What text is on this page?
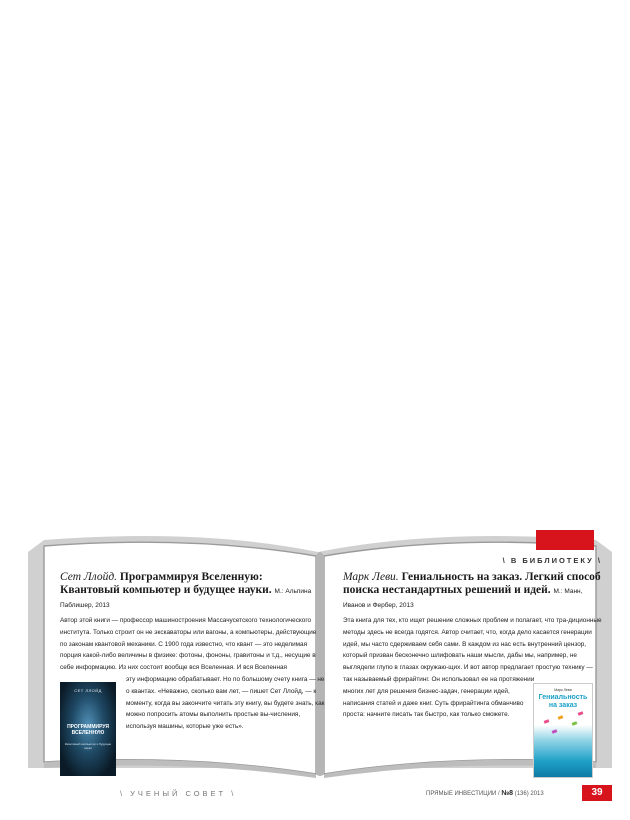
\ В БИБЛИОТЕКУ \

Сет Ллойд. Программируя Вселенную: Квантовый компьютер и будущее науки. М.: Альпина Паблишер, 2013

Автор этой книги — профессор машиностроения Массачусетского технологического института. Только строит он не экскаваторы или вагоны, а компьютеры, действующие по законам квантовой механики. С 1900 года известно, что квант — это неделимая порция какой-либо величины в физике: фотоны, фононы, гравитоны и т.д., несущие в себе информацию. Из них состоит вообще вся Вселенная. И вся Вселенная

эту информацию обрабатывает. Но по большому счету книга — не о квантах. «Неважно, сколько вам лет, — пишет Сет Ллойд, — к моменту, когда вы закончите читать эту книгу, вы будете знать, как можно попросить атомы выполнить простые вы-числения, используя машины, которые уже есть».

СЕТ ЛЛОЙД
ПРОГРАММИРУЯ ВСЕЛЕННУЮ
Квантовый компьютер и будущее науки

Марк Леви. Гениальность на заказ. Легкий способ поиска нестандартных решений и идей. М.: Манн, Иванов и Фербер, 2013

Эта книга для тех, кто ищет решение сложных проблем и полагает, что тра-диционные методы здесь не всегда годятся. Автор считает, что, когда дело касается генерации идей, мы часто сдерживаем себя сами. В каждом из нас есть внутренний цензор, который призван бесконечно шлифовать наши мысли, дабы мы, например, не выглядели глупо в глазах окружаю-щих. И вот автор предлагает простую технику —

так называемый фрирайтинг. Он использовал ее на протяжении многих лет для решения бизнес-задач, генерации идей, написания статей и даже книг. Суть фрирайтинга обманчиво проста: начните писать так быстро, как только сможете.

Марк Леви
Гениальность на заказ
\ УЧЕНЫЙ СОВЕТ \	ПРЯМЫЕ ИНВЕСТИЦИИ / №8 (136) 2013	39
